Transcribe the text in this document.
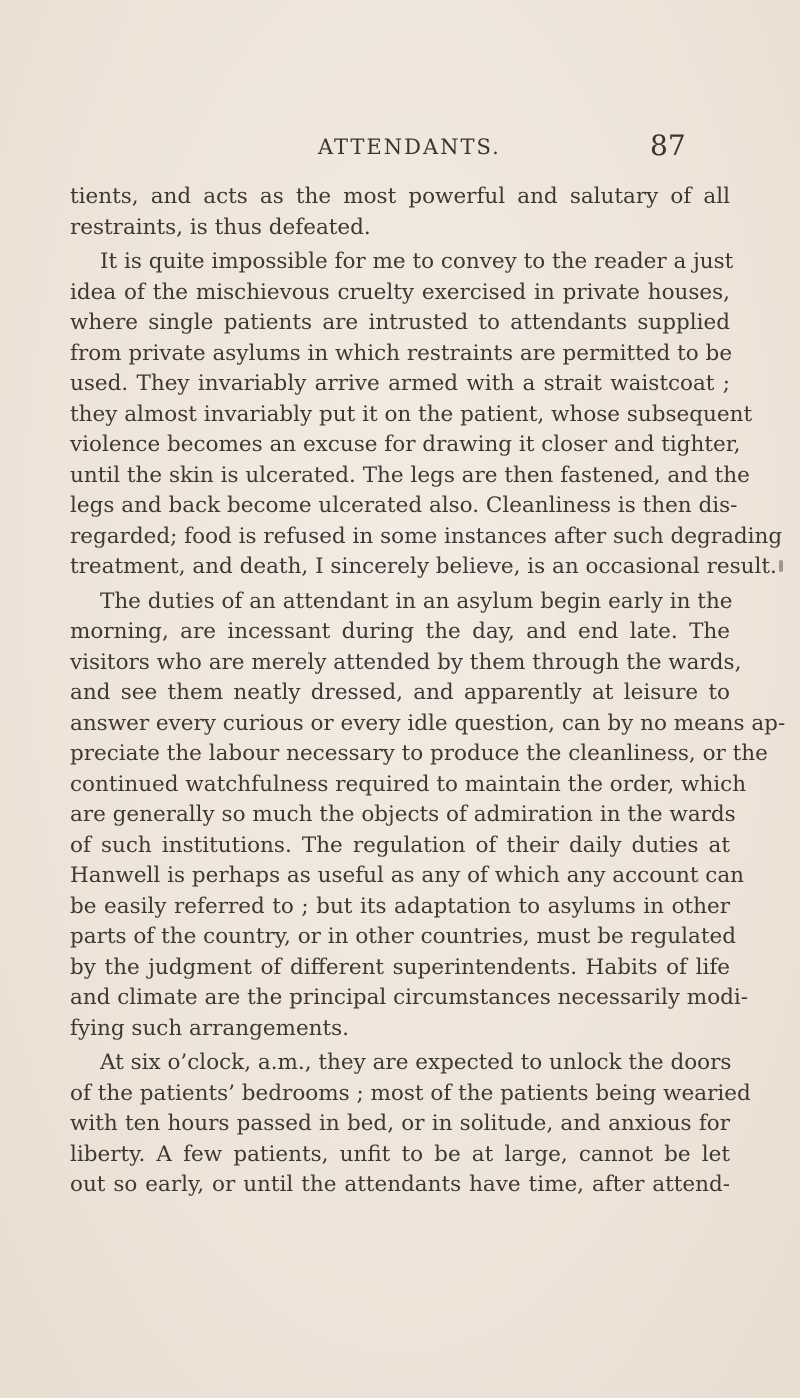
ATTENDANTS.	87
tients, and acts as the most powerful and salutary of all
restraints, is thus defeated.
It is quite impossible for me to convey to the reader a just
idea of the mischievous cruelty exercised in private houses,
where single patients are intrusted to attendants supplied
from private asylums in which restraints are permitted to be
used. They invariably arrive armed with a strait waistcoat ;
they almost invariably put it on the patient, whose subsequent
violence becomes an excuse for drawing it closer and tighter,
until the skin is ulcerated. The legs are then fastened, and the
legs and back become ulcerated also. Cleanliness is then dis-
regarded; food is refused in some instances after such degrading
treatment, and death, I sincerely believe, is an occasional result.
The duties of an attendant in an asylum begin early in the
morning, are incessant during the day, and end late. The
visitors who are merely attended by them through the wards,
and see them neatly dressed, and apparently at leisure to
answer every curious or every idle question, can by no means ap-
preciate the labour necessary to produce the cleanliness, or the
continued watchfulness required to maintain the order, which
are generally so much the objects of admiration in the wards
of such institutions. The regulation of their daily duties at
Hanwell is perhaps as useful as any of which any account can
be easily referred to ; but its adaptation to asylums in other
parts of the country, or in other countries, must be regulated
by the judgment of different superintendents. Habits of life
and climate are the principal circumstances necessarily modi-
fying such arrangements.
At six o’clock, a.m., they are expected to unlock the doors
of the patients’ bedrooms ; most of the patients being wearied
with ten hours passed in bed, or in solitude, and anxious for
liberty. A few patients, unfit to be at large, cannot be let
out so early, or until the attendants have time, after attend-
